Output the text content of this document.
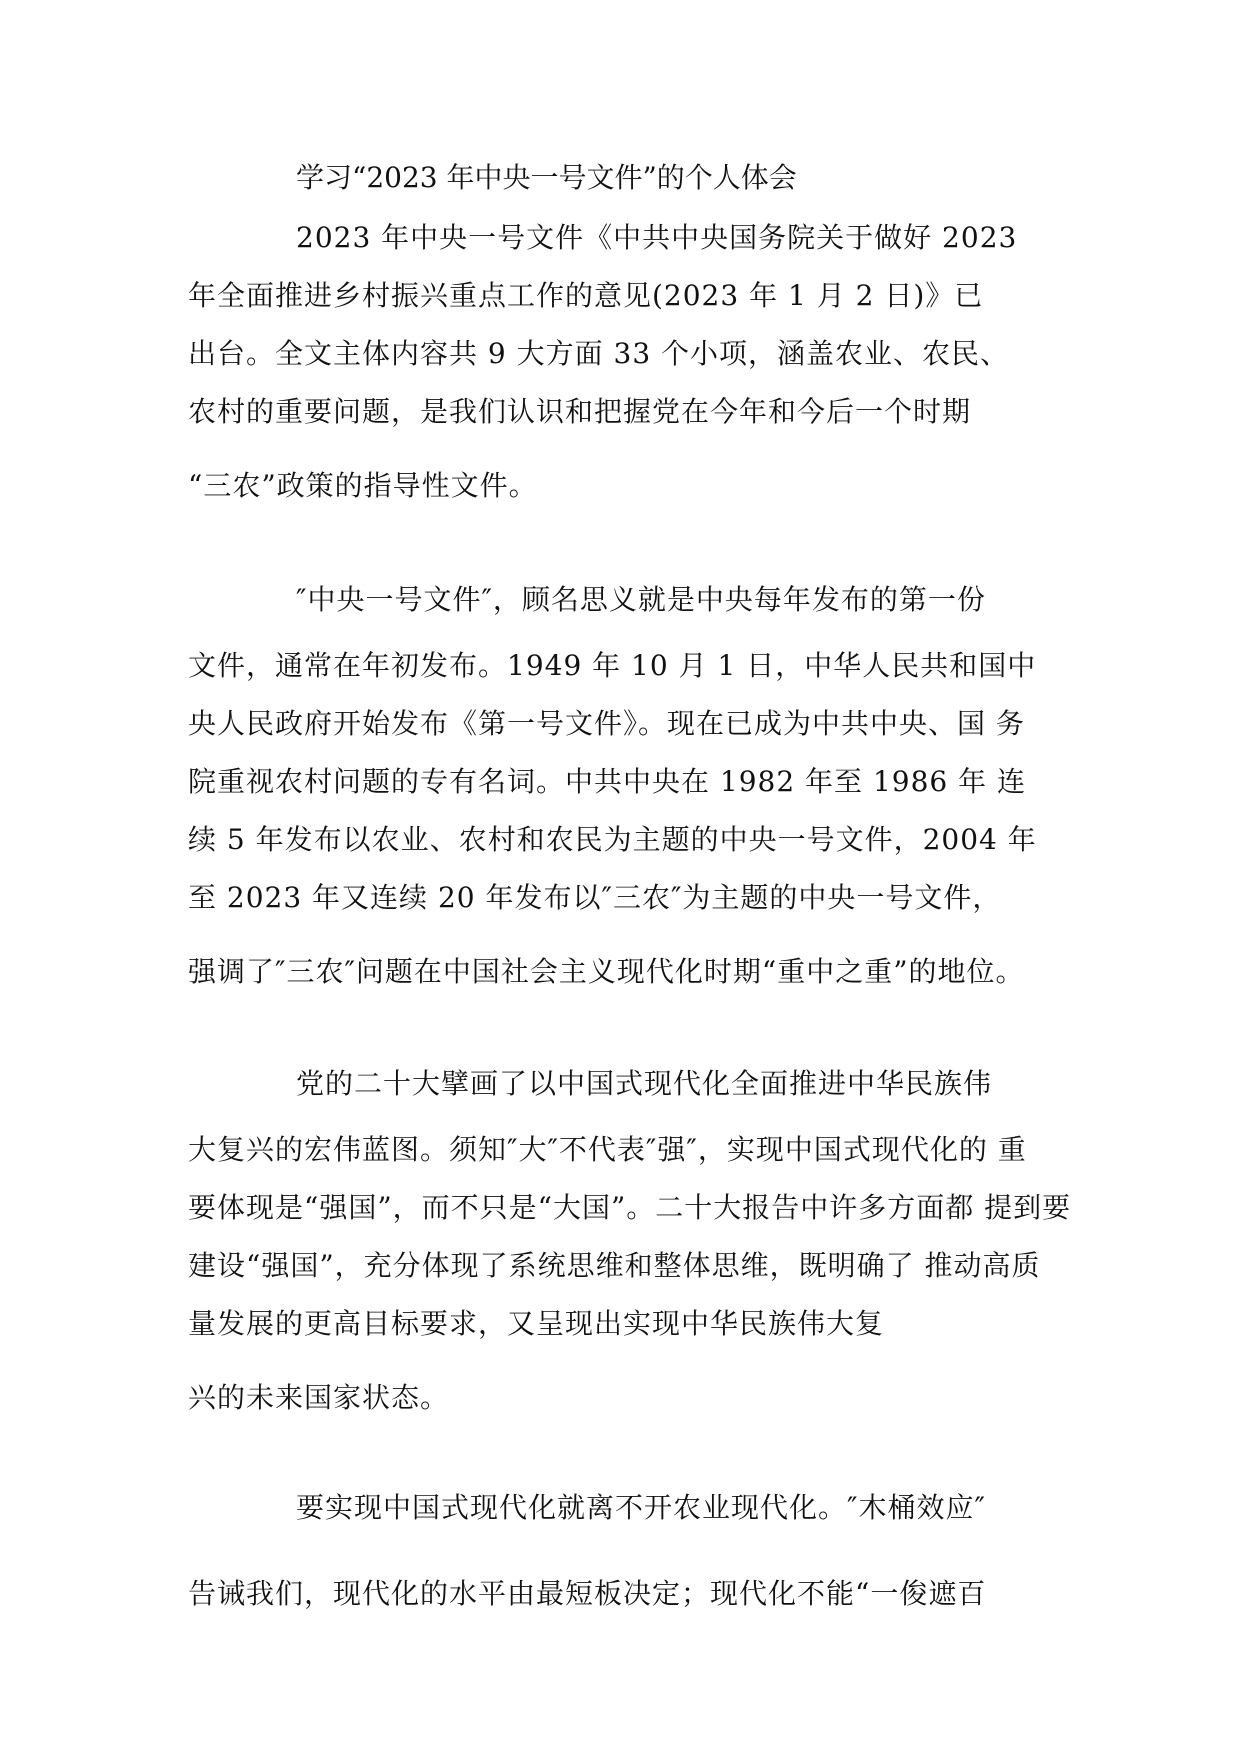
学习“2023 年中央一号文件”的个人体会
2023 年中央一号文件《中共中央国务院关于做好 2023
年全面推进乡村振兴重点工作的意见(2023 年 1 月 2 日)》已
出台。全文主体内容共 9 大方面 33 个小项，涵盖农业、农民、
农村的重要问题，是我们认识和把握党在今年和今后一个时期
“三农”政策的指导性文件。
″中央一号文件″，顾名思义就是中央每年发布的第一份
文件，通常在年初发布。1949 年 10 月 1 日，中华人民共和国中
央人民政府开始发布《第一号文件》。现在已成为中共中央、国 务
院重视农村问题的专有名词。中共中央在 1982 年至 1986 年 连
续 5 年发布以农业、农村和农民为主题的中央一号文件，2004 年
至 2023 年又连续 20 年发布以″三农″为主题的中央一号文件，
强调了″三农″问题在中国社会主义现代化时期“重中之重”的地位。
党的二十大擘画了以中国式现代化全面推进中华民族伟
大复兴的宏伟蓝图。须知″大″不代表″强″，实现中国式现代化的 重
要体现是“强国”，而不只是“大国”。二十大报告中许多方面都 提到要
建设“强国”，充分体现了系统思维和整体思维，既明确了 推动高质
量发展的更高目标要求，又呈现出实现中华民族伟大复
兴的未来国家状态。
要实现中国式现代化就离不开农业现代化。″木桶效应″
告诫我们，现代化的水平由最短板决定；现代化不能“一俊遮百
